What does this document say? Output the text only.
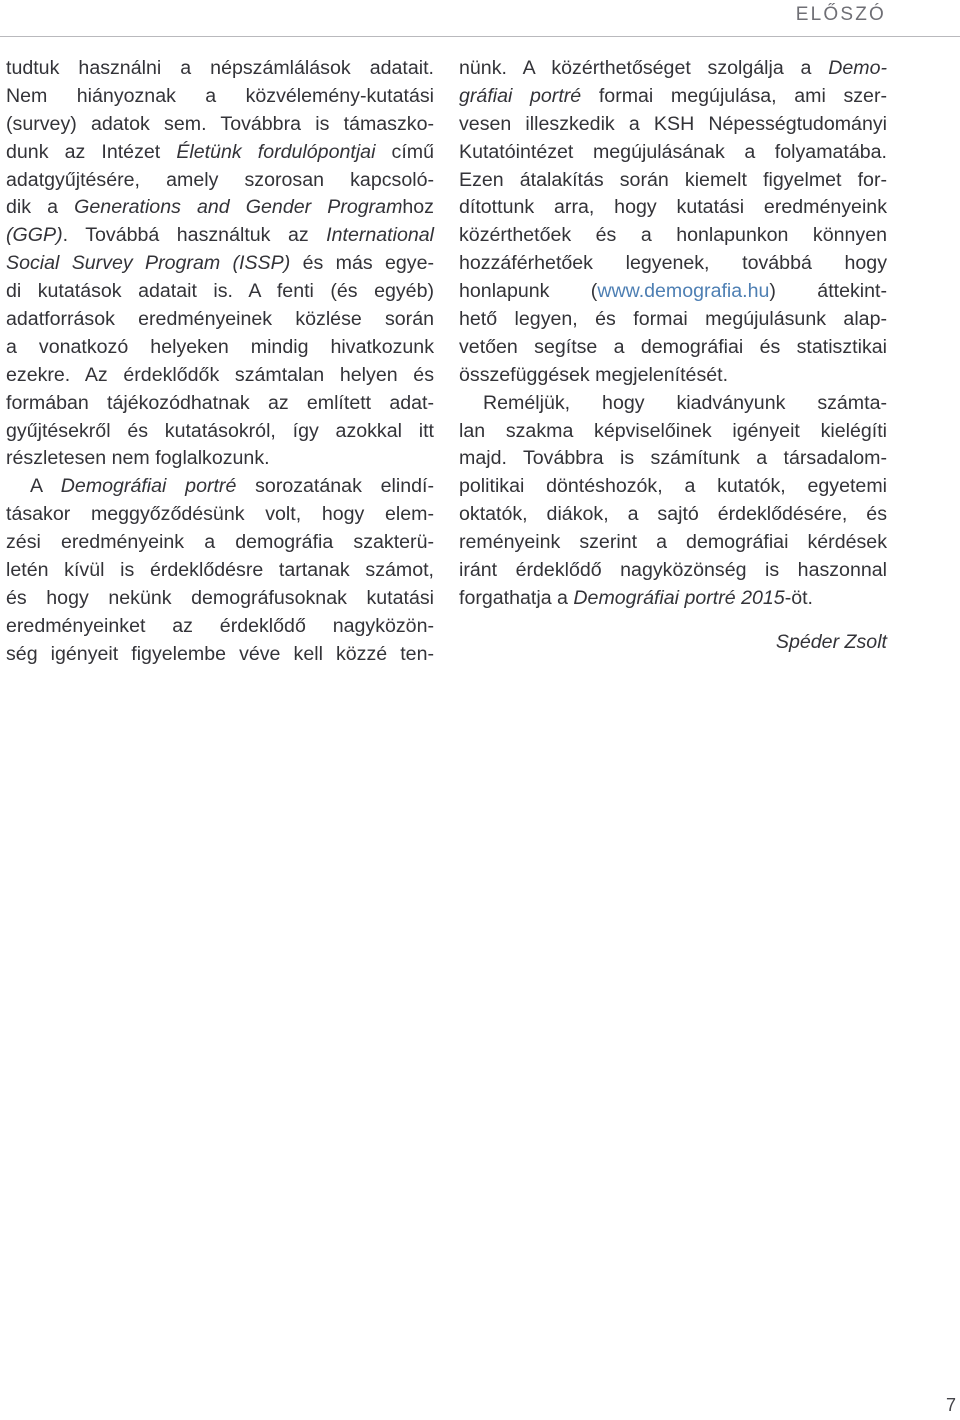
ELŐSZÓ
tudtuk használni a népszámlálások adatait.
Nem hiányoznak a közvélemény-kutatási
(survey) adatok sem. Továbbra is támaszko-
dunk az Intézet Életünk fordulópontjai című
adatgyűjtésére, amely szorosan kapcsoló-
dik a Generations and Gender Programhoz
(GGP). Továbbá használtuk az International
Social Survey Program (ISSP) és más egye-
di kutatások adatait is. A fenti (és egyéb)
adatforrások eredményeinek közlése során
a vonatkozó helyeken mindig hivatkozunk
ezekre. Az érdeklődők számtalan helyen és
formában tájékozódhatnak az említett adat-
gyűjtésekről és kutatásokról, így azokkal itt
részletesen nem foglalkozunk.
A Demográfiai portré sorozatának elindí-
tásakor meggyőződésünk volt, hogy elem-
zési eredményeink a demográfia szakterü-
letén kívül is érdeklődésre tartanak számot,
és hogy nekünk demográfusoknak kutatási
eredményeinket az érdeklődő nagyközön-
ség igényeit figyelembe véve kell közzé ten-
nünk. A közérthetőséget szolgálja a Demo-
gráfiai portré formai megújulása, ami szer-
vesen illeszkedik a KSH Népességtudományi
Kutatóintézet megújulásának a folyamatába.
Ezen átalakítás során kiemelt figyelmet for-
dítottunk arra, hogy kutatási eredményeink
közérthetőek és a honlapunkon könnyen
hozzáférhetőek legyenek, továbbá hogy
honlapunk (www.demografia.hu) áttekint-
hető legyen, és formai megújulásunk alap-
vetően segítse a demográfiai és statisztikai
összefüggések megjelenítését.
Reméljük, hogy kiadványunk számta-
lan szakma képviselőinek igényeit kielégíti
majd. Továbbra is számítunk a társadalom-
politikai döntéshozók, a kutatók, egyetemi
oktatók, diákok, a sajtó érdeklődésére, és
reményeink szerint a demográfiai kérdések
iránt érdeklődő nagyközönség is haszonnal
forgathatja a Demográfiai portré 2015-öt.
Spéder Zsolt
7
